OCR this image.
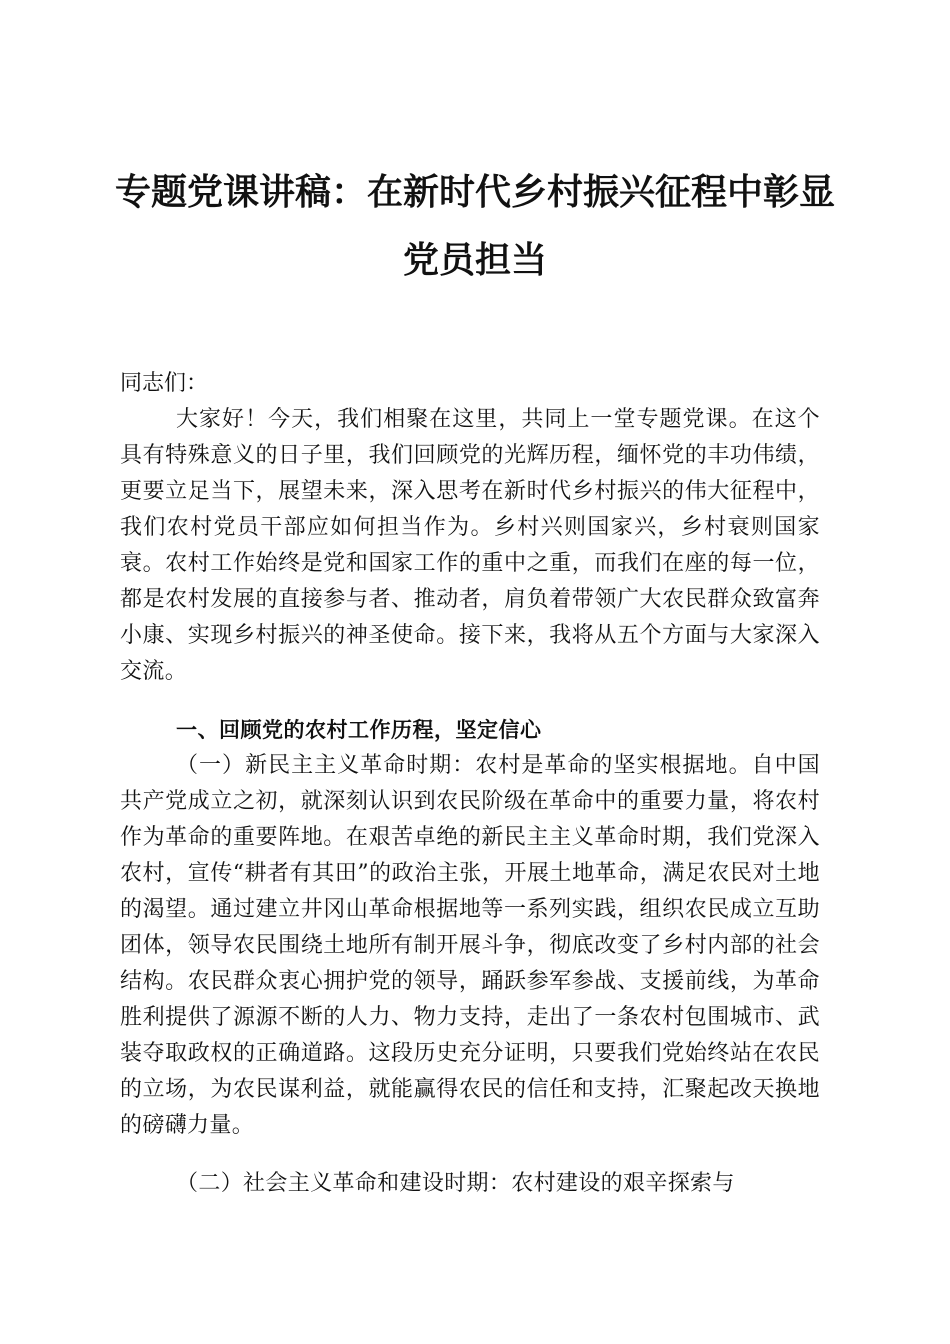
专题党课讲稿：在新时代乡村振兴征程中彰显
党员担当

同志们：

大家好！今天，我们相聚在这里，共同上一堂专题党课。在这个具有特殊意义的日子里，我们回顾党的光辉历程，缅怀党的丰功伟绩，更要立足当下，展望未来，深入思考在新时代乡村振兴的伟大征程中，我们农村党员干部应如何担当作为。乡村兴则国家兴，乡村衰则国家衰。农村工作始终是党和国家工作的重中之重，而我们在座的每一位，都是农村发展的直接参与者、推动者，肩负着带领广大农民群众致富奔小康、实现乡村振兴的神圣使命。接下来，我将从五个方面与大家深入交流。

一、回顾党的农村工作历程，坚定信心

（一）新民主主义革命时期：农村是革命的坚实根据地。自中国共产党成立之初，就深刻认识到农民阶级在革命中的重要力量，将农村作为革命的重要阵地。在艰苦卓绝的新民主主义革命时期，我们党深入农村，宣传“耕者有其田”的政治主张，开展土地革命，满足农民对土地的渴望。通过建立井冈山革命根据地等一系列实践，组织农民成立互助团体，领导农民围绕土地所有制开展斗争，彻底改变了乡村内部的社会结构。农民群众衷心拥护党的领导，踊跃参军参战、支援前线，为革命胜利提供了源源不断的人力、物力支持，走出了一条农村包围城市、武装夺取政权的正确道路。这段历史充分证明，只要我们党始终站在农民的立场，为农民谋利益，就能赢得农民的信任和支持，汇聚起改天换地的磅礴力量。

（二）社会主义革命和建设时期：农村建设的艰辛探索与
